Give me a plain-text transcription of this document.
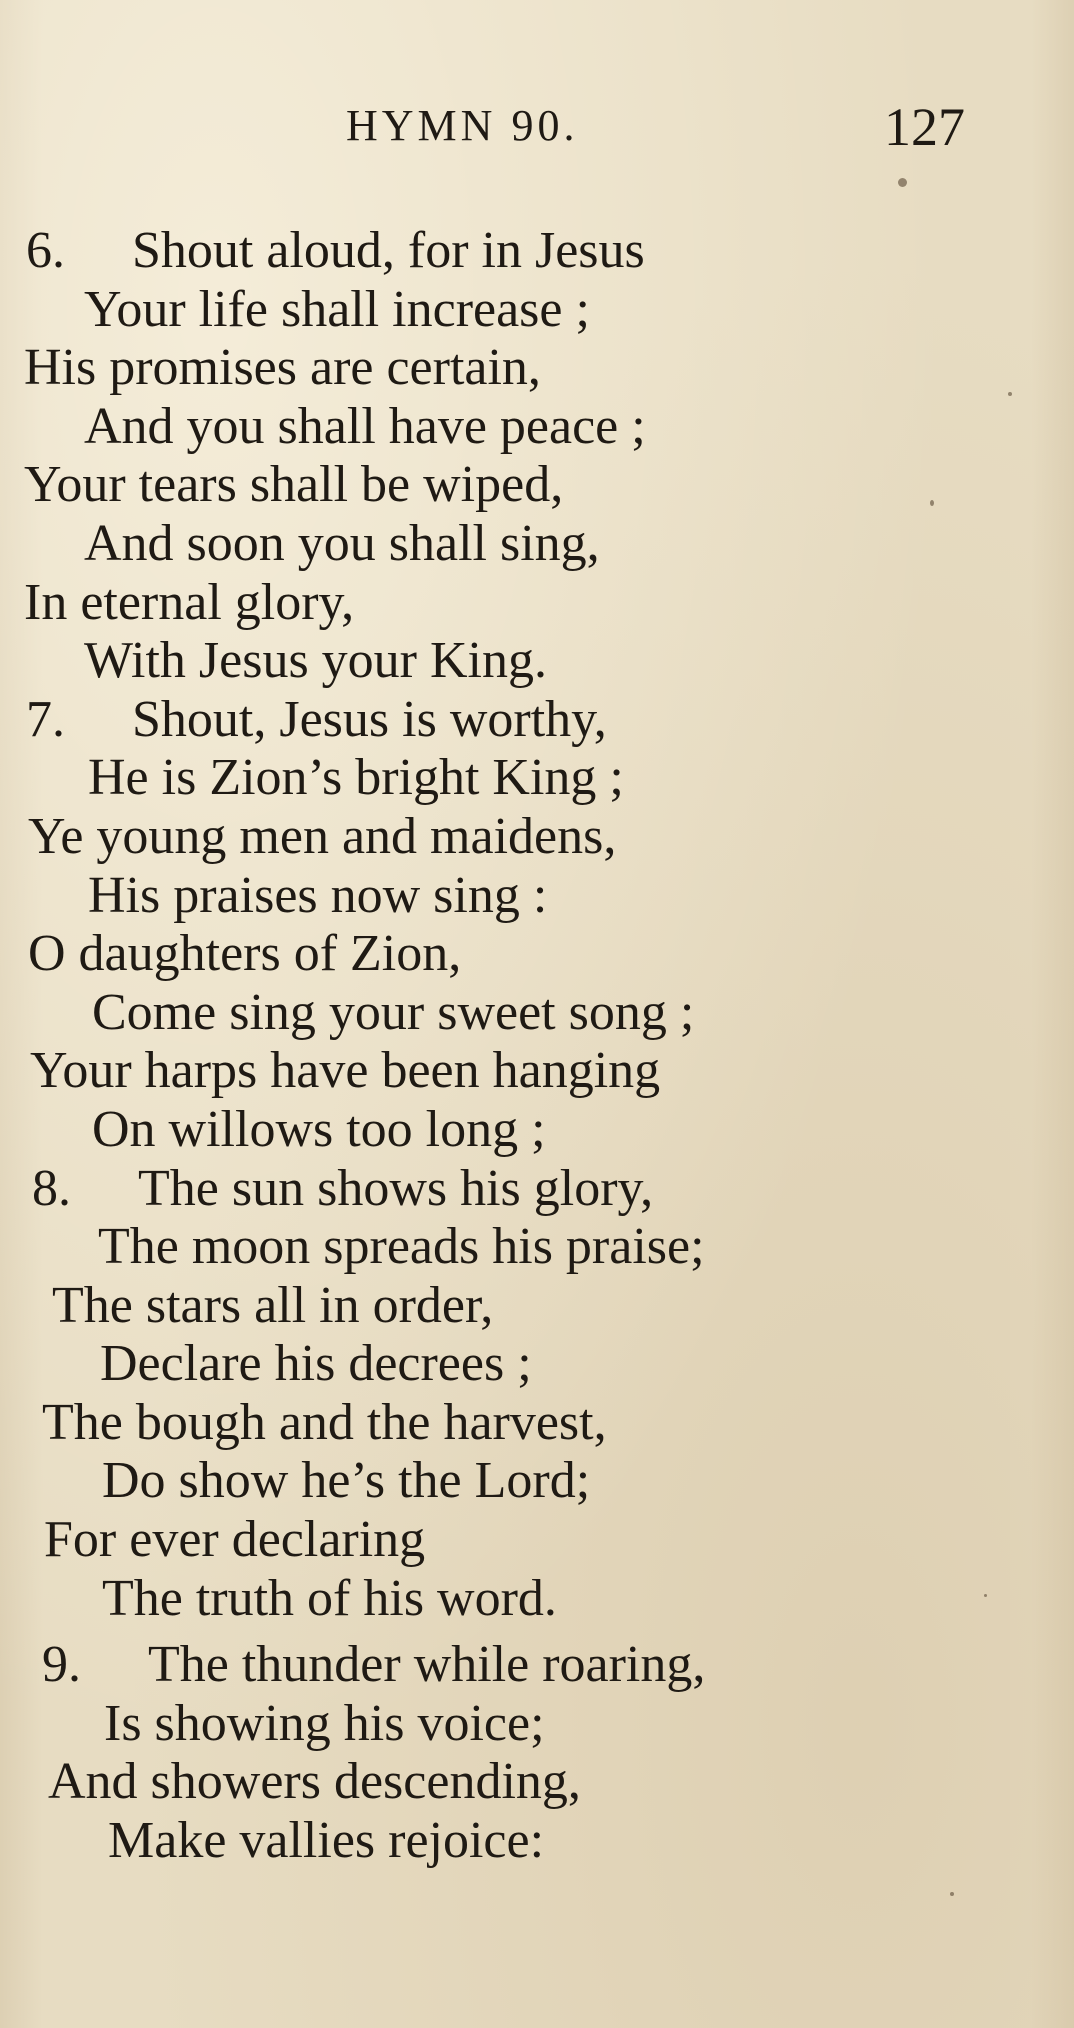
HYMN 90.	127
6. Shout aloud, for in Jesus
Your life shall increase ;
His promises are certain,
And you shall have peace ;
Your tears shall be wiped,
And soon you shall sing,
In eternal glory,
With Jesus your King.
7. Shout, Jesus is worthy,
He is Zion’s bright King ;
Ye young men and maidens,
His praises now sing :
O daughters of Zion,
Come sing your sweet song ;
Your harps have been hanging
On willows too long ;
8. The sun shows his glory,
The moon spreads his praise;
The stars all in order,
Declare his decrees ;
The bough and the harvest,
Do show he’s the Lord;
For ever declaring
The truth of his word.
9. The thunder while roaring,
Is showing his voice;
And showers descending,
Make vallies rejoice:
